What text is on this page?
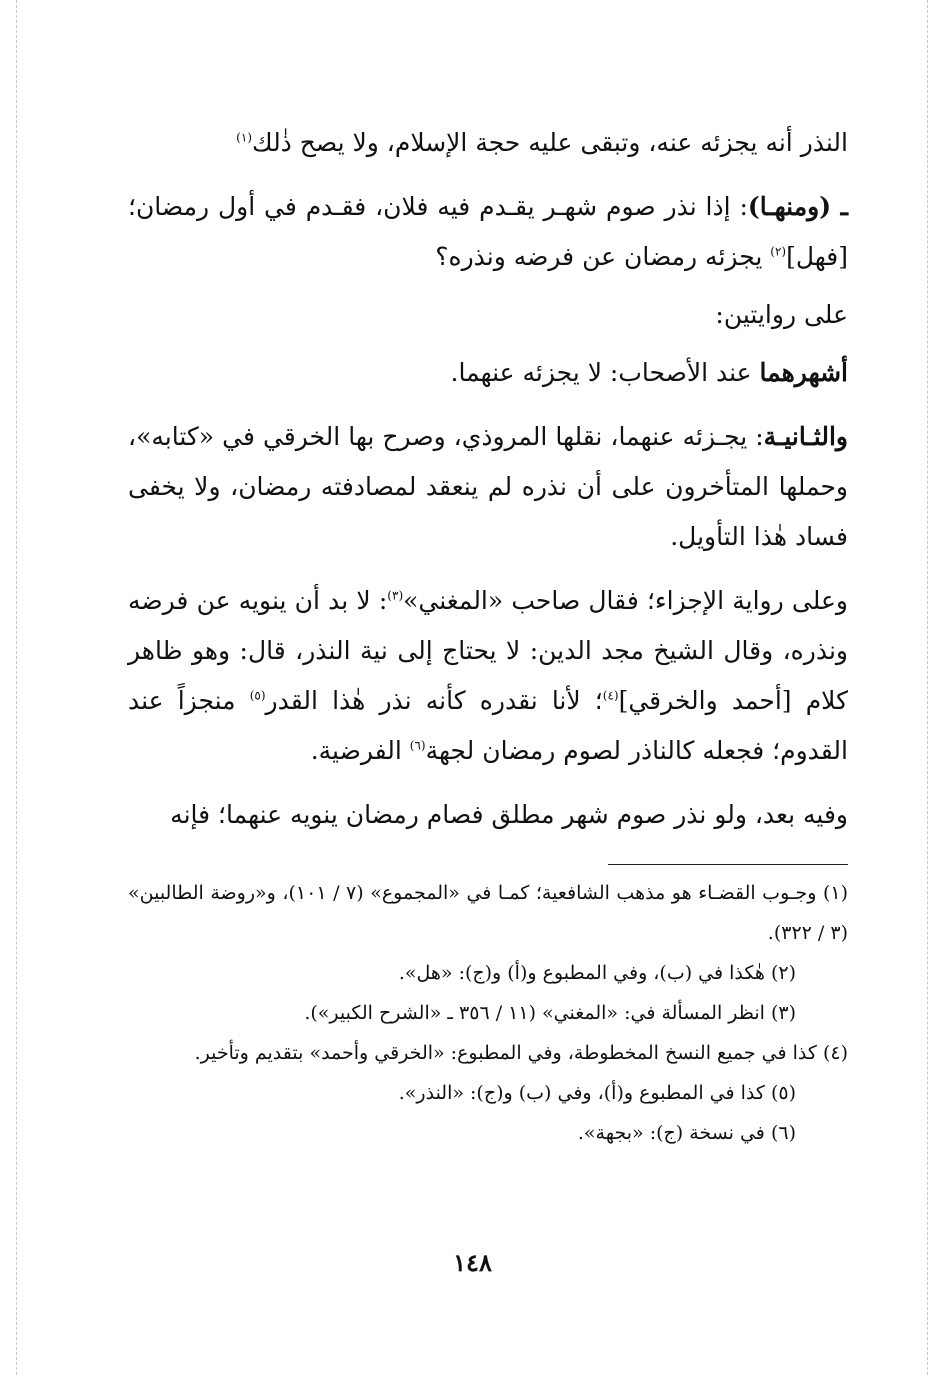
النذر أنه يجزئه عنه، وتبقى عليه حجة الإسلام، ولا يصح ذٰلك$^{(١)}$

ـ (ومنهـا): إذا نذر صوم شهـر يقـدم فيه فلان، فقـدم في أول رمضان؛ [فهل]$^{(٢)}$ يجزئه رمضان عن فرضه ونذره؟

على روايتين:

أشهرهما عند الأصحاب: لا يجزئه عنهما.

والثـانيـة: يجـزئه عنهما، نقلها المروذي، وصرح بها الخرقي في «كتابه»، وحملها المتأخرون على أن نذره لم ينعقد لمصادفته رمضان، ولا يخفى فساد هٰذا التأويل.

وعلى رواية الإجزاء؛ فقال صاحب «المغني»$^{(٣)}$: لا بد أن ينويه عن فرضه ونذره، وقال الشيخ مجد الدين: لا يحتاج إلى نية النذر، قال: وهو ظاهر كلام [أحمد والخرقي]$^{(٤)}$؛ لأنا نقدره كأنه نذر هٰذا القدر$^{(٥)}$ منجزاً عند القدوم؛ فجعله كالناذر لصوم رمضان لجهة$^{(٦)}$ الفرضية.

وفيه بعد، ولو نذر صوم شهر مطلق فصام رمضان ينويه عنهما؛ فإنه

(١) وجـوب القضـاء هو مذهب الشافعية؛ كمـا في «المجموع» (٧ / ١٠١)، و«روضة الطالبين» (٣ / ٣٢٢).

(٢) هٰكذا في (ب)، وفي المطبوع و(أ) و(ج): «هل».

(٣) انظر المسألة في: «المغني» (١١ / ٣٥٦ ـ «الشرح الكبير»).

(٤) كذا في جميع النسخ المخطوطة، وفي المطبوع: «الخرقي وأحمد» بتقديم وتأخير.

(٥) كذا في المطبوع و(أ)، وفي (ب) و(ج): «النذر».

(٦) في نسخة (ج): «بجهة».

١٤٨
